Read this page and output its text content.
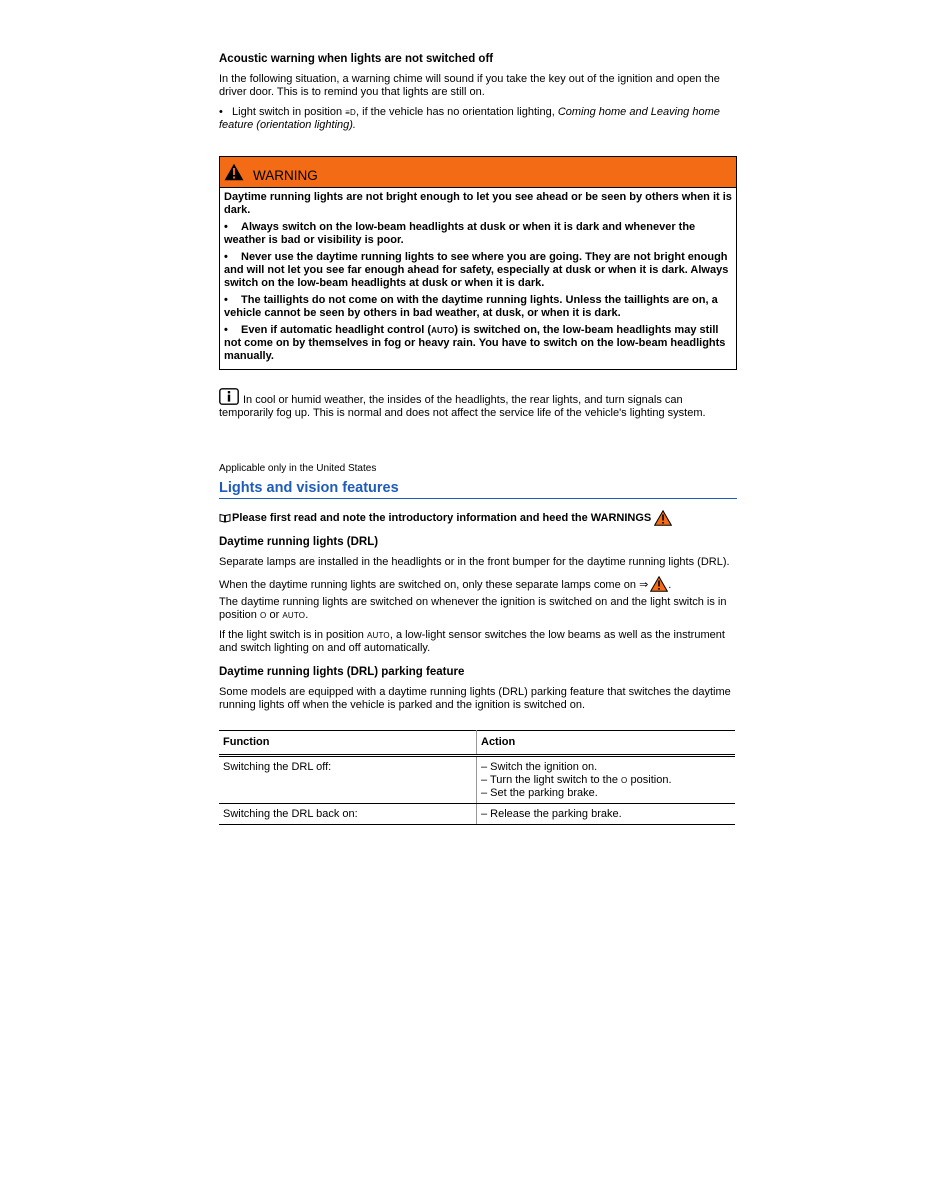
Acoustic warning when lights are not switched off

In the following situation, a warning chime will sound if you take the key out of the ignition and open the driver door. This is to remind you that lights are still on.

•   Light switch in position ≡D, if the vehicle has no orientation lighting, Coming home and Leaving home feature (orientation lighting).

WARNING

Daytime running lights are not bright enough to let you see ahead or be seen by others when it is dark.

• Always switch on the low-beam headlights at dusk or when it is dark and whenever the weather is bad or visibility is poor.

• Never use the daytime running lights to see where you are going. They are not bright enough and will not let you see far enough ahead for safety, especially at dusk or when it is dark. Always switch on the low-beam headlights at dusk or when it is dark.

• The taillights do not come on with the daytime running lights. Unless the taillights are on, a vehicle cannot be seen by others in bad weather, at dusk, or when it is dark.

• Even if automatic headlight control (AUTO) is switched on, the low-beam headlights may still not come on by themselves in fog or heavy rain. You have to switch on the low-beam headlights manually.

In cool or humid weather, the insides of the headlights, the rear lights, and turn signals can temporarily fog up. This is normal and does not affect the service life of the vehicle's lighting system.

Applicable only in the United States

Lights and vision features

Please first read and note the introductory information and heed the WARNINGS

Daytime running lights (DRL)

Separate lamps are installed in the headlights or in the front bumper for the daytime running lights (DRL).

When the daytime running lights are switched on, only these separate lamps come on ⇒ .

The daytime running lights are switched on whenever the ignition is switched on and the light switch is in position O or AUTO.

If the light switch is in position AUTO, a low-light sensor switches the low beams as well as the instrument and switch lighting on and off automatically.

Daytime running lights (DRL) parking feature

Some models are equipped with a daytime running lights (DRL) parking feature that switches the daytime running lights off when the vehicle is parked and the ignition is switched on.

Function	Action
Switching the DRL off:	– Switch the ignition on.
– Turn the light switch to the O position.
– Set the parking brake.

Switching the DRL back on:	– Release the parking brake.
